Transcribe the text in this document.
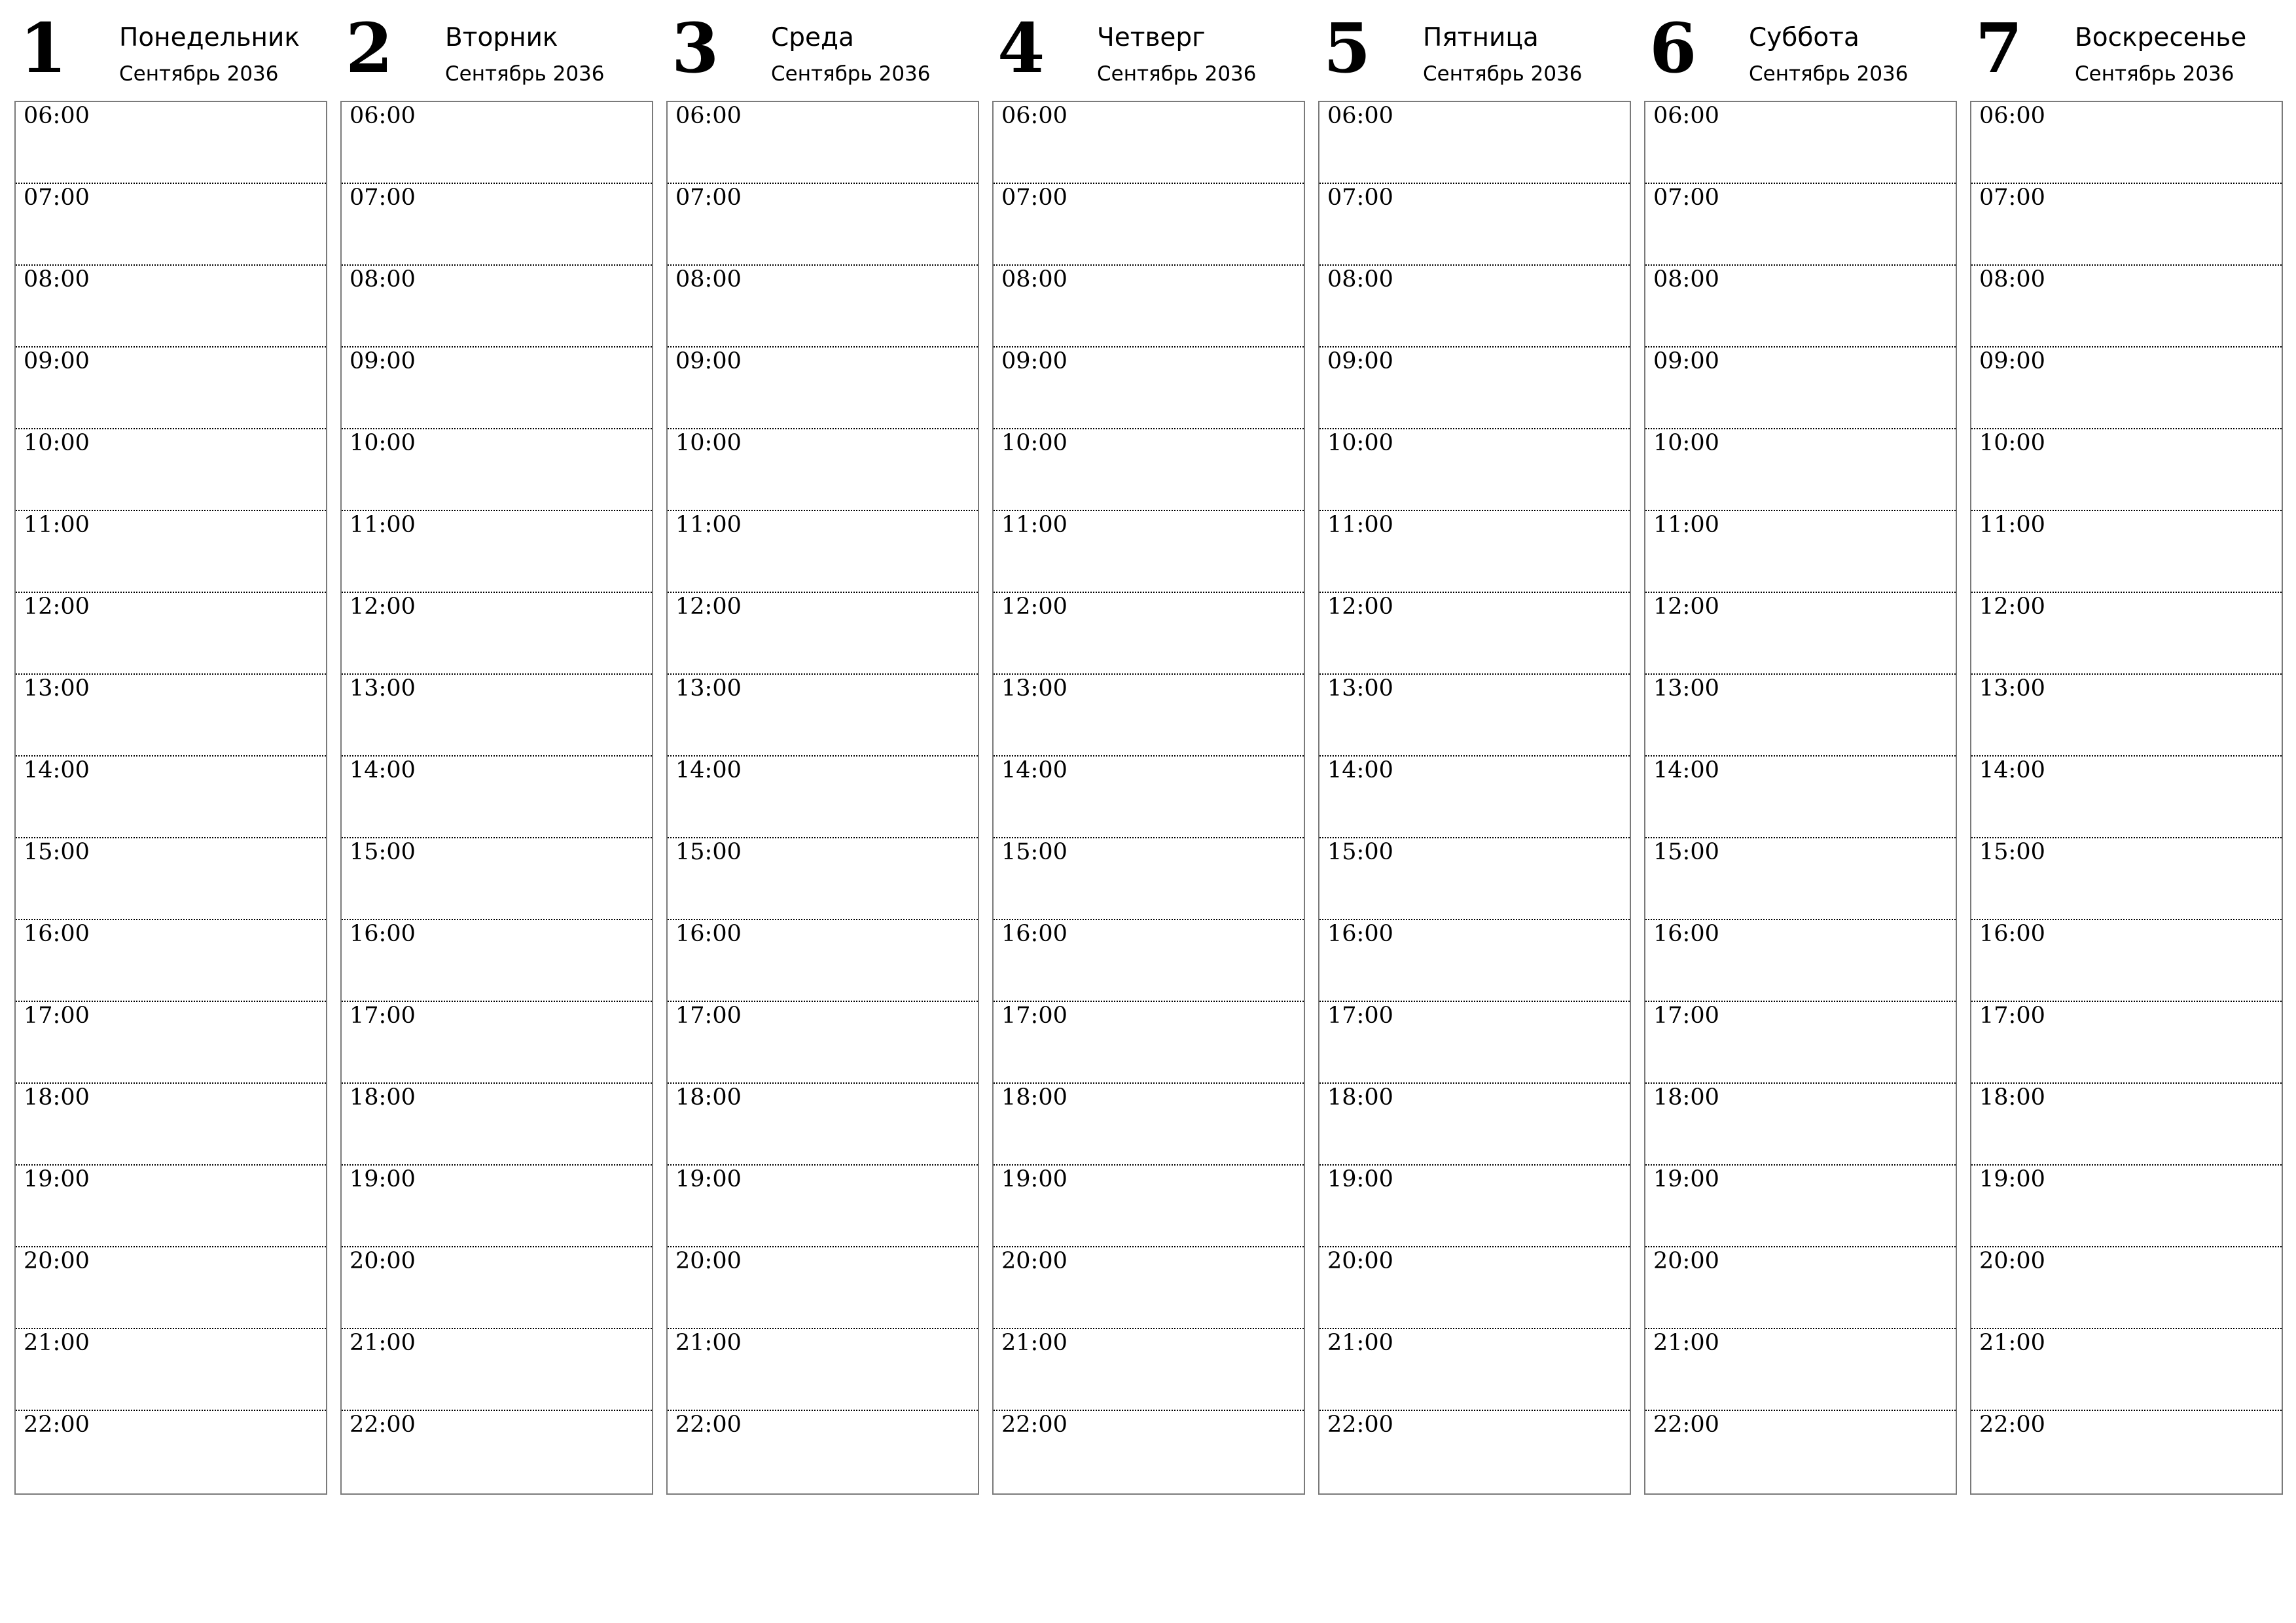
1 Понедельник
Сентябрь 2036
06:00
07:00
08:00
09:00
10:00
11:00
12:00
13:00
14:00
15:00
16:00
17:00
18:00
19:00
20:00
21:00
22:00
2 Вторник
Сентябрь 2036
06:00
07:00
08:00
09:00
10:00
11:00
12:00
13:00
14:00
15:00
16:00
17:00
18:00
19:00
20:00
21:00
22:00
3 Среда
Сентябрь 2036
06:00
07:00
08:00
09:00
10:00
11:00
12:00
13:00
14:00
15:00
16:00
17:00
18:00
19:00
20:00
21:00
22:00
4 Четверг
Сентябрь 2036
06:00
07:00
08:00
09:00
10:00
11:00
12:00
13:00
14:00
15:00
16:00
17:00
18:00
19:00
20:00
21:00
22:00
5 Пятница
Сентябрь 2036
06:00
07:00
08:00
09:00
10:00
11:00
12:00
13:00
14:00
15:00
16:00
17:00
18:00
19:00
20:00
21:00
22:00
6 Суббота
Сентябрь 2036
06:00
07:00
08:00
09:00
10:00
11:00
12:00
13:00
14:00
15:00
16:00
17:00
18:00
19:00
20:00
21:00
22:00
7 Воскресенье
Сентябрь 2036
06:00
07:00
08:00
09:00
10:00
11:00
12:00
13:00
14:00
15:00
16:00
17:00
18:00
19:00
20:00
21:00
22:00
